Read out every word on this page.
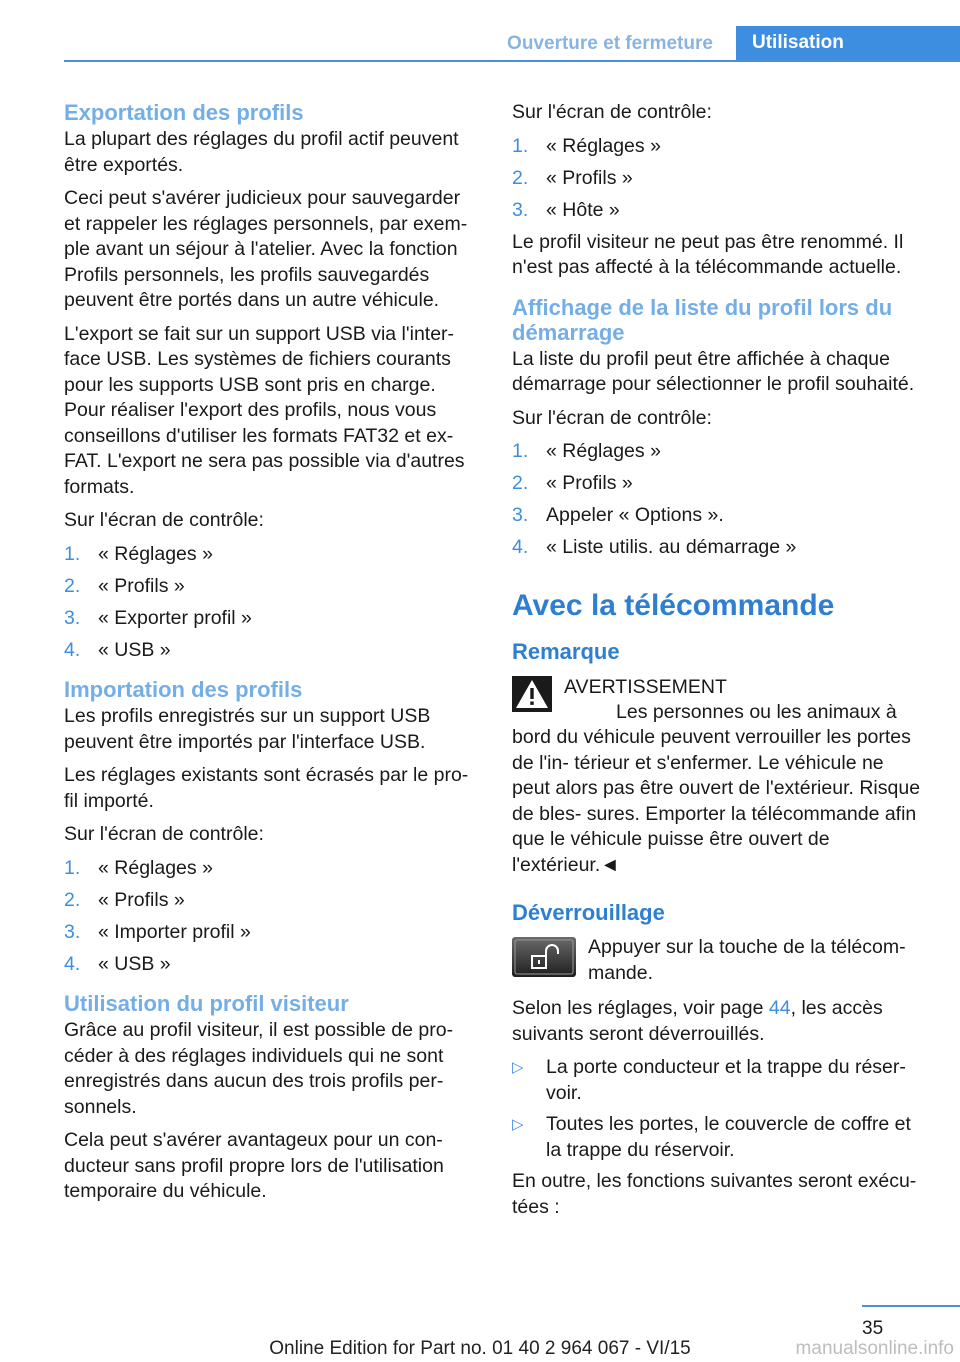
Ouverture et fermeture	Utilisation
Exportation des profils

La plupart des réglages du profil actif peuvent être exportés.

Ceci peut s'avérer judicieux pour sauvegarder et rappeler les réglages personnels, par exem‐ ple avant un séjour à l'atelier. Avec la fonction Profils personnels, les profils sauvegardés peuvent être portés dans un autre véhicule.

L'export se fait sur un support USB via l'inter‐ face USB. Les systèmes de fichiers courants pour les supports USB sont pris en charge. Pour réaliser l'export des profils, nous vous conseillons d'utiliser les formats FAT32 et ex‐ FAT. L'export ne sera pas possible via d'autres formats.

Sur l'écran de contrôle:

1. « Réglages »
2. « Profils »
3. « Exporter profil »
4. « USB »
Importation des profils

Les profils enregistrés sur un support USB peuvent être importés par l'interface USB.

Les réglages existants sont écrasés par le pro‐ fil importé.

Sur l'écran de contrôle:

1. « Réglages »
2. « Profils »
3. « Importer profil »
4. « USB »
Utilisation du profil visiteur

Grâce au profil visiteur, il est possible de pro‐ céder à des réglages individuels qui ne sont enregistrés dans aucun des trois profils per‐ sonnels.

Cela peut s'avérer avantageux pour un con‐ ducteur sans profil propre lors de l'utilisation temporaire du véhicule.

Sur l'écran de contrôle:

1. « Réglages »
2. « Profils »
3. « Hôte »

Le profil visiteur ne peut pas être renommé. Il n'est pas affecté à la télécommande actuelle.

Affichage de la liste du profil lors du démarrage

La liste du profil peut être affichée à chaque démarrage pour sélectionner le profil souhaité.

Sur l'écran de contrôle:

1. « Réglages »
2. « Profils »
3. Appeler « Options ».
4. « Liste utilis. au démarrage »
Avec la télécommande
Remarque
AVERTISSEMENT

Les personnes ou les animaux à bord du véhicule peuvent verrouiller les portes de l'in‐ térieur et s'enfermer. Le véhicule ne peut alors pas être ouvert de l'extérieur. Risque de bles‐ sures. Emporter la télécommande afin que le véhicule puisse être ouvert de l'extérieur.◄

Déverrouillage
Appuyer sur la touche de la télécom‐ mande.

Selon les réglages, voir page 44, les accès suivants seront déverrouillés.

▷	La porte conducteur et la trappe du réser‐ voir.
▷	Toutes les portes, le couvercle de coffre et la trappe du réservoir.

En outre, les fonctions suivantes seront exécu‐ tées :

35
Online Edition for Part no. 01 40 2 964 067 - VI/15	manualsonline.info
